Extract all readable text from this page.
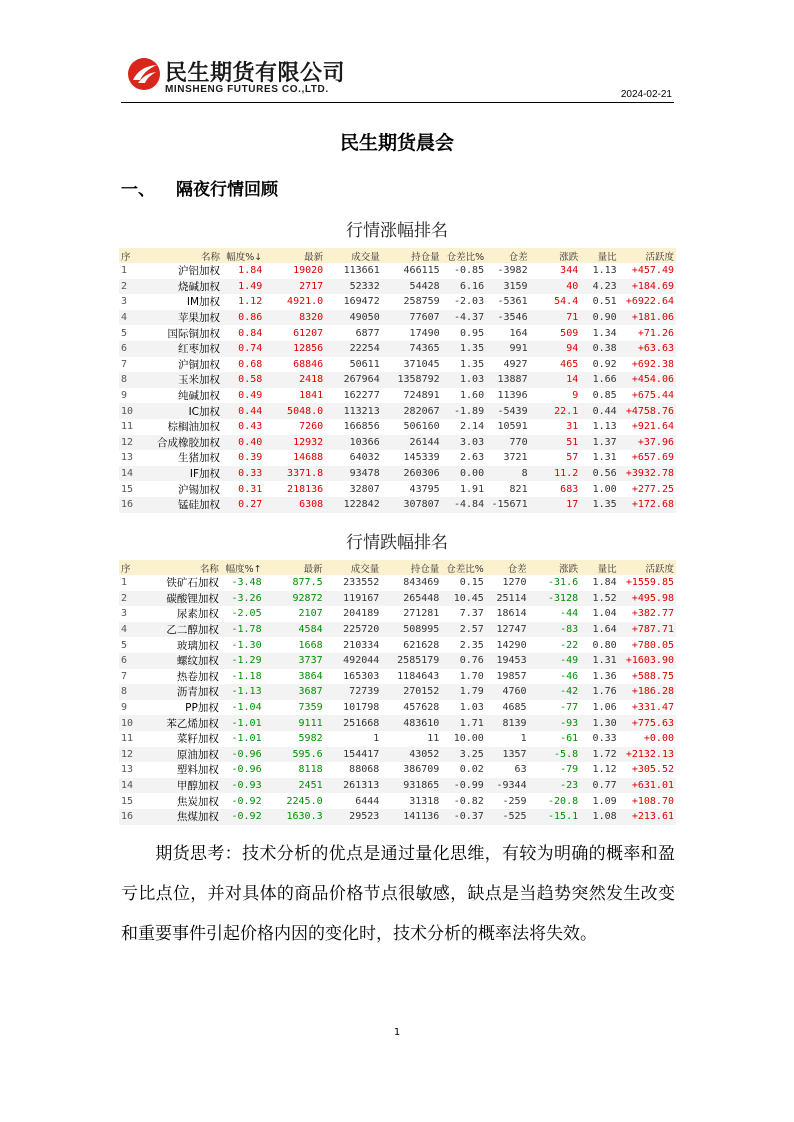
民生期货有限公司
MINSHENG FUTURES CO.,LTD.	2024-02-21
民生期货晨会
一、 隔夜行情回顾
行情涨幅排名
序	名称	幅度%↓	最新	成交量	持仓量	仓差比%	仓差	涨跌	量比	活跃度
1	沪铝加权	1.84	19020	113661	466115	-0.85	-3982	344	1.13	+457.49
2	烧碱加权	1.49	2717	52332	54428	6.16	3159	40	4.23	+184.69
3	IM加权	1.12	4921.0	169472	258759	-2.03	-5361	54.4	0.51	+6922.64
4	苹果加权	0.86	8320	49050	77607	-4.37	-3546	71	0.90	+181.06
5	国际铜加权	0.84	61207	6877	17490	0.95	164	509	1.34	+71.26
6	红枣加权	0.74	12856	22254	74365	1.35	991	94	0.38	+63.63
7	沪铜加权	0.68	68846	50611	371045	1.35	4927	465	0.92	+692.38
8	玉米加权	0.58	2418	267964	1358792	1.03	13887	14	1.66	+454.06
9	纯碱加权	0.49	1841	162277	724891	1.60	11396	9	0.85	+675.44
10	IC加权	0.44	5048.0	113213	282067	-1.89	-5439	22.1	0.44	+4758.76
11	棕榈油加权	0.43	7260	166856	506160	2.14	10591	31	1.13	+921.64
12	合成橡胶加权	0.40	12932	10366	26144	3.03	770	51	1.37	+37.96
13	生猪加权	0.39	14688	64032	145339	2.63	3721	57	1.31	+657.69
14	IF加权	0.33	3371.8	93478	260306	0.00	8	11.2	0.56	+3932.78
15	沪锡加权	0.31	218136	32807	43795	1.91	821	683	1.00	+277.25
16	锰硅加权	0.27	6308	122842	307807	-4.84	-15671	17	1.35	+172.68
行情跌幅排名
序	名称	幅度%↑	最新	成交量	持仓量	仓差比%	仓差	涨跌	量比	活跃度
1	铁矿石加权	-3.48	877.5	233552	843469	0.15	1270	-31.6	1.84	+1559.85
2	碳酸锂加权	-3.26	92872	119167	265448	10.45	25114	-3128	1.52	+495.98
3	尿素加权	-2.05	2107	204189	271281	7.37	18614	-44	1.04	+382.77
4	乙二醇加权	-1.78	4584	225720	508995	2.57	12747	-83	1.64	+787.71
5	玻璃加权	-1.30	1668	210334	621628	2.35	14290	-22	0.80	+780.05
6	螺纹加权	-1.29	3737	492044	2585179	0.76	19453	-49	1.31	+1603.90
7	热卷加权	-1.18	3864	165303	1184643	1.70	19857	-46	1.36	+588.75
8	沥青加权	-1.13	3687	72739	270152	1.79	4760	-42	1.76	+186.28
9	PP加权	-1.04	7359	101798	457628	1.03	4685	-77	1.06	+331.47
10	苯乙烯加权	-1.01	9111	251668	483610	1.71	8139	-93	1.30	+775.63
11	菜籽加权	-1.01	5982	1	11	10.00	1	-61	0.33	+0.00
12	原油加权	-0.96	595.6	154417	43052	3.25	1357	-5.8	1.72	+2132.13
13	塑料加权	-0.96	8118	88068	386709	0.02	63	-79	1.12	+305.52
14	甲醇加权	-0.93	2451	261313	931865	-0.99	-9344	-23	0.77	+631.01
15	焦炭加权	-0.92	2245.0	6444	31318	-0.82	-259	-20.8	1.09	+108.70
16	焦煤加权	-0.92	1630.3	29523	141136	-0.37	-525	-15.1	1.08	+213.61
期货思考：技术分析的优点是通过量化思维，有较为明确的概率和盈亏比点位，并对具体的商品价格节点很敏感，缺点是当趋势突然发生改变和重要事件引起价格内因的变化时，技术分析的概率法将失效。
1
